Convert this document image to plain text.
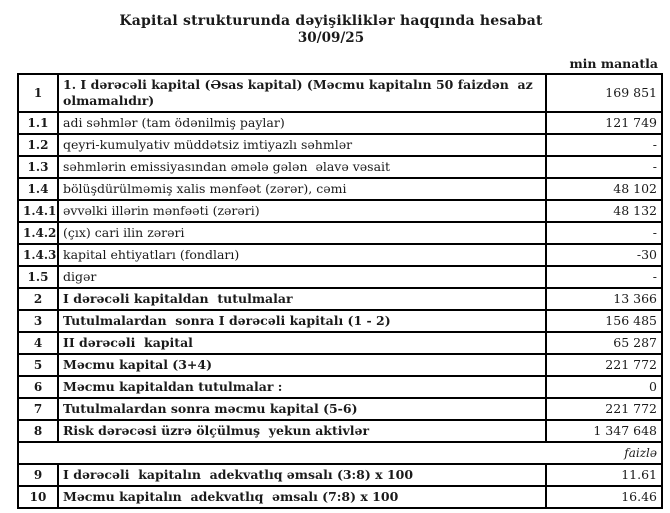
Kapital strukturunda dəyişikliklər haqqında hesabat
30/09/25
min manatla
1	1. I dərəcəli kapital (Əsas kapital) (Məcmu kapitalın 50 faizdən  az olmamalıdır)	169 851
1.1	adi səhmlər (tam ödənilmiş paylar)	121 749
1.2	qeyri-kumulyativ müddətsiz imtiyazlı səhmlər	-
1.3	səhmlərin emissiyasından əmələ gələn  əlavə vəsait	-
1.4	bölüşdürülməmiş xalis mənfəət (zərər), cəmi	48 102
1.4.1	əvvəlki illərin mənfəəti (zərəri)	48 132
1.4.2	(çıx) cari ilin zərəri	-
1.4.3	kapital ehtiyatları (fondları)	-30
1.5	digər	-
2	I dərəcəli kapitaldan  tutulmalar	13 366
3	Tutulmalardan  sonra I dərəcəli kapitalı (1 - 2)	156 485
4	II dərəcəli  kapital	65 287
5	Məcmu kapital (3+4)	221 772
6	Məcmu kapitaldan tutulmalar :	0
7	Tutulmalardan sonra məcmu kapital (5-6)	221 772
8	Risk dərəcəsi üzrə ölçülmuş  yekun aktivlər	1 347 648
faizlə		
9	I dərəcəli  kapitalın  adekvatlıq əmsalı (3:8) x 100	11.61
10	Məcmu kapitalın  adekvatlıq  əmsalı (7:8) x 100	16.46
